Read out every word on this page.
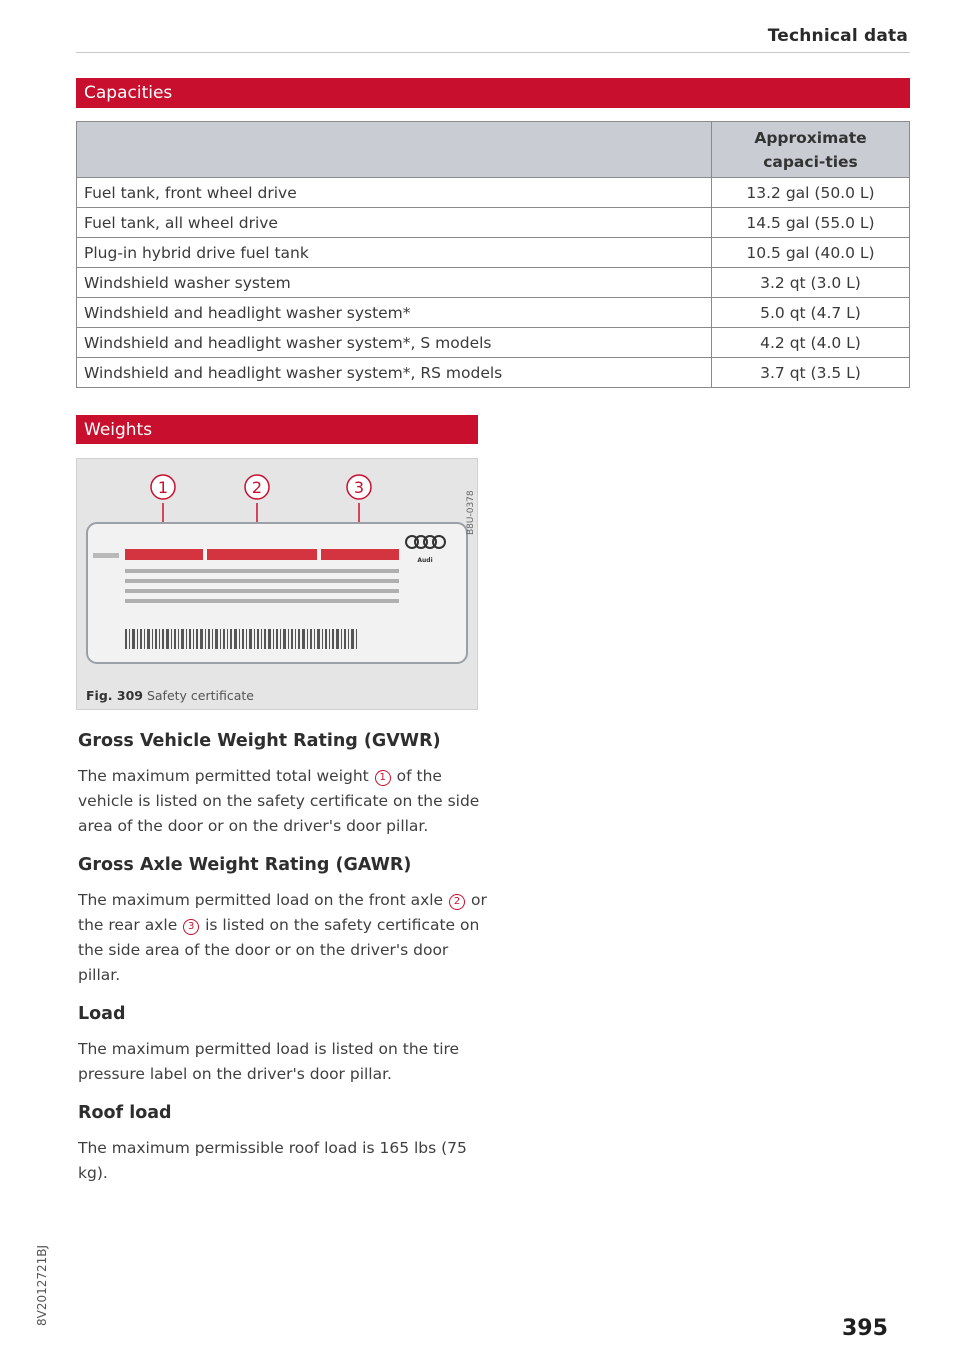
Technical data
Capacities
	Approximate capaci-ties
Fuel tank, front wheel drive	13.2 gal (50.0 L)
Fuel tank, all wheel drive	14.5 gal (55.0 L)
Plug-in hybrid drive fuel tank	10.5 gal (40.0 L)
Windshield washer system	3.2 qt (3.0 L)
Windshield and headlight washer system*	5.0 qt (4.7 L)
Windshield and headlight washer system*, S models	4.2 qt (4.0 L)
Windshield and headlight washer system*, RS models	3.7 qt (3.5 L)
Weights
1	2	3
Audi
B8U-0378
Fig. 309 Safety certificate
Gross Vehicle Weight Rating (GVWR)

The maximum permitted total weight 1 of the vehicle is listed on the safety certificate on the side area of the door or on the driver's door pillar.

Gross Axle Weight Rating (GAWR)

The maximum permitted load on the front axle 2 or the rear axle 3 is listed on the safety certificate on the side area of the door or on the driver's door pillar.

Load

The maximum permitted load is listed on the tire pressure label on the driver's door pillar.

Roof load

The maximum permissible roof load is 165 lbs (75 kg).

8V2012721BJ
395
